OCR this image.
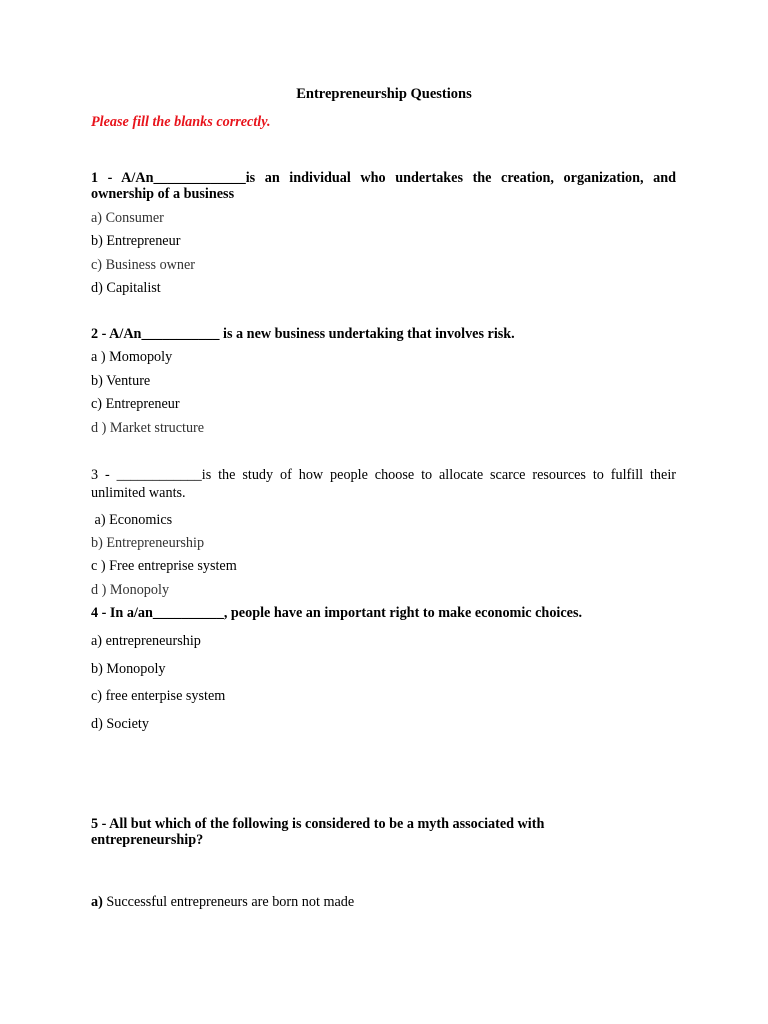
Entrepreneurship Questions
Please fill the blanks correctly.
1 - A/An_____________is an individual who undertakes the creation, organization, and ownership of a business
a) Consumer
b) Entrepreneur
c) Business owner
d) Capitalist
2 - A/An___________ is a new business undertaking that involves risk.
a ) Momopoly
b) Venture
c) Entrepreneur
d ) Market structure
3 - ____________is the study of how people choose to allocate scarce resources to fulfill their unlimited wants.
a) Economics
b) Entrepreneurship
c ) Free entreprise system
d ) Monopoly
4 - In a/an__________, people have an important right to make economic choices.
a) entrepreneurship
b) Monopoly
c) free enterpise system
d) Society
5 - All but which of the following is considered to be a myth associated with entrepreneurship?
a) Successful entrepreneurs are born not made
